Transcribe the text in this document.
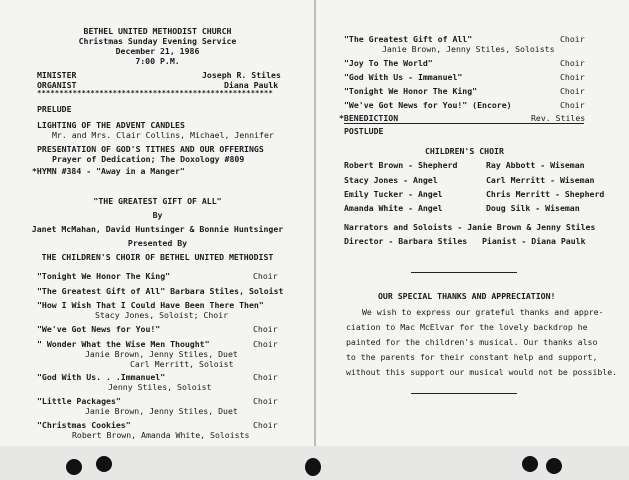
BETHEL UNITED METHODIST CHURCH
Christmas Sunday Evening Service
December 21, 1986
7:00 P.M.
MINISTER	Joseph R. Stiles
ORGANIST	Diana Paulk
*****************************************************
PRELUDE
LIGHTING OF THE ADVENT CANDLES
Mr. and Mrs. Clair Collins, Michael, Jennifer
PRESENTATION OF GOD'S TITHES AND OUR OFFERINGS
Prayer of Dedication; The Doxology #809
*HYMN #384 - "Away in a Manger"
"THE GREATEST GIFT OF ALL"
By
Janet McMahan, David Huntsinger & Bonnie Huntsinger
Presented By
THE CHILDREN'S CHOIR OF BETHEL UNITED METHODIST
"Tonight We Honor The King"	Choir
"The Greatest Gift of All" Barbara Stiles, Soloist
"How I Wish That I Could Have Been There Then"
Stacy Jones, Soloist; Choir
"We've Got News for You!"	Choir
" Wonder What the Wise Men Thought"	Choir
Janie Brown, Jenny Stiles, Duet
Carl Merritt, Soloist
"God With Us. . .Immanuel"	Choir
Jenny Stiles, Soloist
"Little Packages"	Choir
Janie Brown, Jenny Stiles, Duet
"Christmas Cookies"	Choir
Robert Brown, Amanda White, Soloists
"The Greatest Gift of All"	Choir
Janie Brown, Jenny Stiles, Soloists
"Joy To The World"	Choir
"God With Us - Immanuel"	Choir
"Tonight We Honor The King"	Choir
"We've Got News for You!" (Encore)	Choir
*BENEDICTION	Rev. Stiles
POSTLUDE
CHILDREN'S CHOIR
Robert Brown - Shepherd	Ray Abbott - Wiseman
Stacy Jones - Angel	Carl Merritt - Wiseman
Emily Tucker - Angel	Chris Merritt - Shepherd
Amanda White - Angel	Doug Silk - Wiseman
Narrators and Soloists - Janie Brown & Jenny Stiles
Director - Barbara Stiles Pianist - Diana Paulk
OUR SPECIAL THANKS AND APPRECIATION!
We wish to express our grateful thanks and appre-
ciation to Mac McElvar for the lovely backdrop he
painted for the children's musical. Our thanks also
to the parents for their constant help and support,
without this support our musical would not be possible.
